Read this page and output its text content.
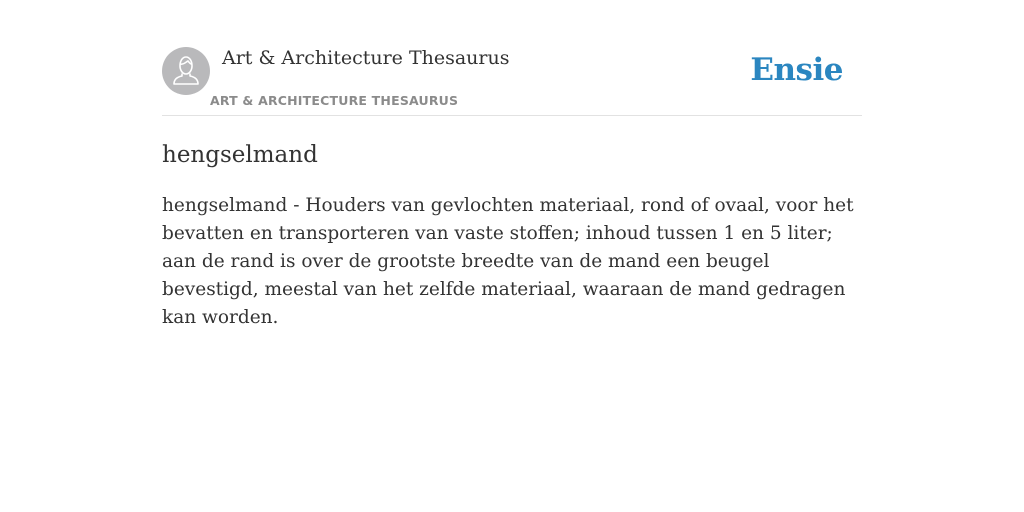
Art & Architecture Thesaurus
ART & ARCHITECTURE THESAURUS
Ensie
hengselmand

hengselmand - Houders van gevlochten materiaal, rond of ovaal, voor het bevatten en transporteren van vaste stoffen; inhoud tussen 1 en 5 liter; aan de rand is over de grootste breedte van de mand een beugel bevestigd, meestal van het zelfde materiaal, waaraan de mand gedragen kan worden.
